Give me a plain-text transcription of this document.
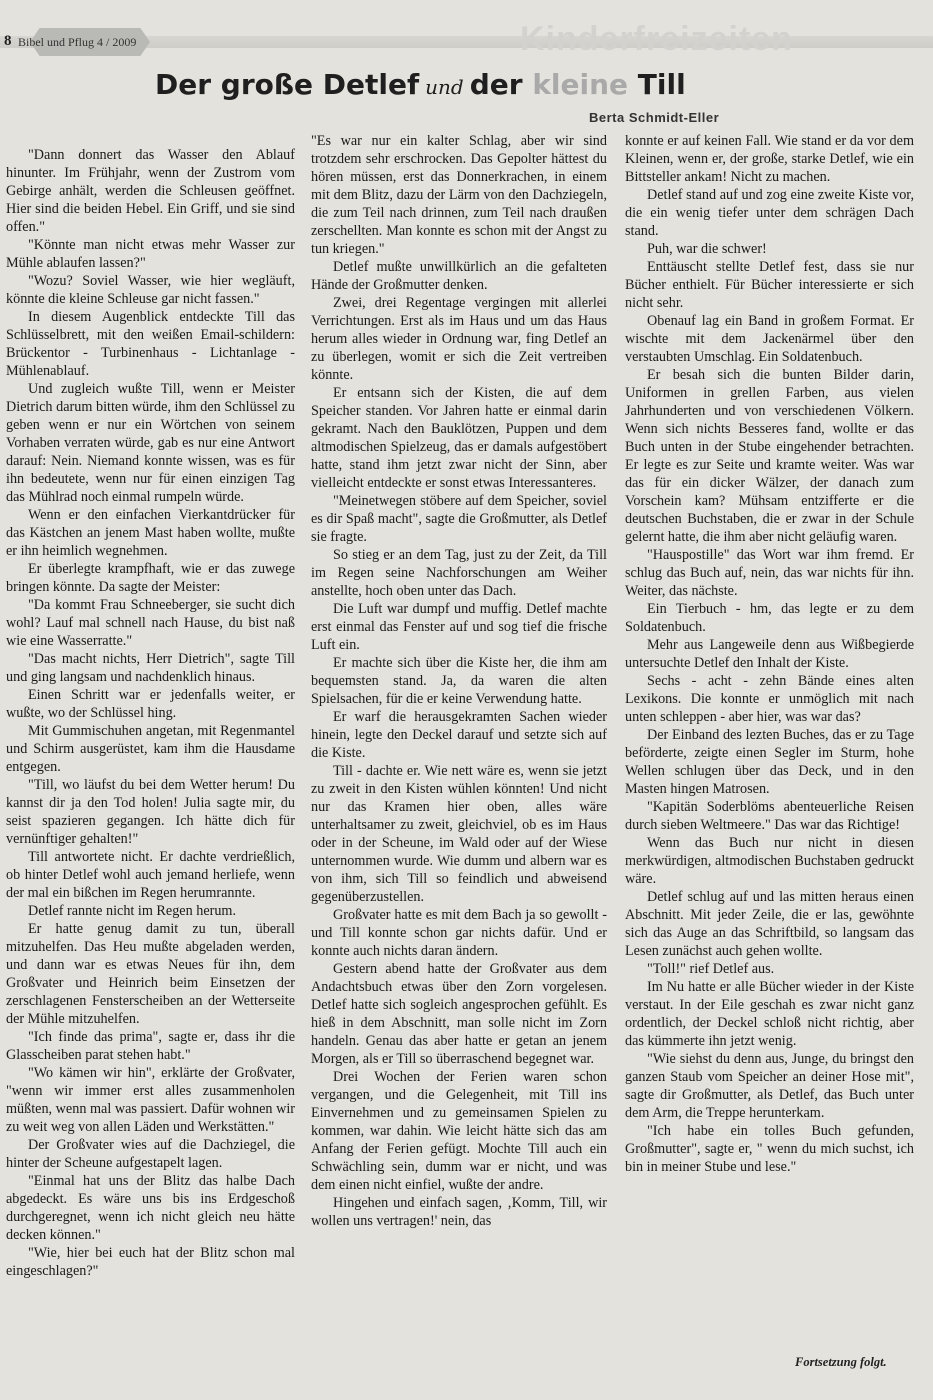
Kinderfreizeiten
8 Bibel und Pflug 4 / 2009
Der große Detlef und der kleine Till
Berta Schmidt-Eller

"Dann donnert das Wasser den Ablauf hinunter. Im Frühjahr, wenn der Zustrom vom Gebirge anhält, werden die Schleusen geöffnet. Hier sind die beiden Hebel. Ein Griff, und sie sind offen."

"Könnte man nicht etwas mehr Wasser zur Mühle ablaufen lassen?"

"Wozu? Soviel Wasser, wie hier wegläuft, könnte die kleine Schleuse gar nicht fassen."

In diesem Augenblick entdeckte Till das Schlüsselbrett, mit den weißen Email-schildern: Brückentor - Turbinenhaus - Lichtanlage - Mühlenablauf.

Und zugleich wußte Till, wenn er Meister Dietrich darum bitten würde, ihm den Schlüssel zu geben wenn er nur ein Wörtchen von seinem Vorhaben verraten würde, gab es nur eine Antwort darauf: Nein. Niemand konnte wissen, was es für ihn bedeutete, wenn nur für einen einzigen Tag das Mühlrad noch einmal rumpeln würde.

Wenn er den einfachen Vierkantdrücker für das Kästchen an jenem Mast haben wollte, mußte er ihn heimlich wegnehmen.

Er überlegte krampfhaft, wie er das zuwege bringen könnte. Da sagte der Meister:

"Da kommt Frau Schneeberger, sie sucht dich wohl? Lauf mal schnell nach Hause, du bist naß wie eine Wasserratte."

"Das macht nichts, Herr Dietrich", sagte Till und ging langsam und nachdenklich hinaus.

Einen Schritt war er jedenfalls weiter, er wußte, wo der Schlüssel hing.

Mit Gummischuhen angetan, mit Regenmantel und Schirm ausgerüstet, kam ihm die Hausdame entgegen.

"Till, wo läufst du bei dem Wetter herum! Du kannst dir ja den Tod holen! Julia sagte mir, du seist spazieren gegangen. Ich hätte dich für vernünftiger gehalten!"

Till antwortete nicht. Er dachte verdrießlich, ob hinter Detlef wohl auch jemand herliefe, wenn der mal ein bißchen im Regen herumrannte.

Detlef rannte nicht im Regen herum.

Er hatte genug damit zu tun, überall mitzuhelfen. Das Heu mußte abgeladen werden, und dann war es etwas Neues für ihn, dem Großvater und Heinrich beim Einsetzen der zerschlagenen Fensterscheiben an der Wetterseite der Mühle mitzuhelfen.

"Ich finde das prima", sagte er, dass ihr die Glasscheiben parat stehen habt."

"Wo kämen wir hin", erklärte der Großvater, "wenn wir immer erst alles zusammenholen müßten, wenn mal was passiert. Dafür wohnen wir zu weit weg von allen Läden und Werkstätten."

Der Großvater wies auf die Dachziegel, die hinter der Scheune aufgestapelt lagen.

"Einmal hat uns der Blitz das halbe Dach abgedeckt. Es wäre uns bis ins Erdgeschoß durchgeregnet, wenn ich nicht gleich neu hätte decken können."

"Wie, hier bei euch hat der Blitz schon mal eingeschlagen?"

"Es war nur ein kalter Schlag, aber wir sind trotzdem sehr erschrocken. Das Gepolter hättest du hören müssen, erst das Donnerkrachen, in einem mit dem Blitz, dazu der Lärm von den Dachziegeln, die zum Teil nach drinnen, zum Teil nach draußen zerschellten. Man konnte es schon mit der Angst zu tun kriegen."

Detlef mußte unwillkürlich an die gefalteten Hände der Großmutter denken.

Zwei, drei Regentage vergingen mit allerlei Verrichtungen. Erst als im Haus und um das Haus herum alles wieder in Ordnung war, fing Detlef an zu überlegen, womit er sich die Zeit vertreiben könnte.

Er entsann sich der Kisten, die auf dem Speicher standen. Vor Jahren hatte er einmal darin gekramt. Nach den Bauklötzen, Puppen und dem altmodischen Spielzeug, das er damals aufgestöbert hatte, stand ihm jetzt zwar nicht der Sinn, aber vielleicht entdeckte er sonst etwas Interessanteres.

"Meinetwegen stöbere auf dem Speicher, soviel es dir Spaß macht", sagte die Großmutter, als Detlef sie fragte.

So stieg er an dem Tag, just zu der Zeit, da Till im Regen seine Nachforschungen am Weiher anstellte, hoch oben unter das Dach.

Die Luft war dumpf und muffig. Detlef machte erst einmal das Fenster auf und sog tief die frische Luft ein.

Er machte sich über die Kiste her, die ihm am bequemsten stand. Ja, da waren die alten Spielsachen, für die er keine Verwendung hatte.

Er warf die herausgekramten Sachen wieder hinein, legte den Deckel darauf und setzte sich auf die Kiste.

Till - dachte er. Wie nett wäre es, wenn sie jetzt zu zweit in den Kisten wühlen könnten! Und nicht nur das Kramen hier oben, alles wäre unterhaltsamer zu zweit, gleichviel, ob es im Haus oder in der Scheune, im Wald oder auf der Wiese unternommen wurde. Wie dumm und albern war es von ihm, sich Till so feindlich und abweisend gegenüberzustellen.

Großvater hatte es mit dem Bach ja so gewollt - und Till konnte schon gar nichts dafür. Und er konnte auch nichts daran ändern.

Gestern abend hatte der Großvater aus dem Andachtsbuch etwas über den Zorn vorgelesen. Detlef hatte sich sogleich angesprochen gefühlt. Es hieß in dem Abschnitt, man solle nicht im Zorn handeln. Genau das aber hatte er getan an jenem Morgen, als er Till so überraschend begegnet war.

Drei Wochen der Ferien waren schon vergangen, und die Gelegenheit, mit Till ins Einvernehmen und zu gemeinsamen Spielen zu kommen, war dahin. Wie leicht hätte sich das am Anfang der Ferien gefügt. Mochte Till auch ein Schwächling sein, dumm war er nicht, und was dem einen nicht einfiel, wußte der andre.

Hingehen und einfach sagen, ‚Komm, Till, wir wollen uns vertragen!' nein, das

konnte er auf keinen Fall. Wie stand er da vor dem Kleinen, wenn er, der große, starke Detlef, wie ein Bittsteller ankam! Nicht zu machen.

Detlef stand auf und zog eine zweite Kiste vor, die ein wenig tiefer unter dem schrägen Dach stand.

Puh, war die schwer!

Enttäuscht stellte Detlef fest, dass sie nur Bücher enthielt. Für Bücher interessierte er sich nicht sehr.

Obenauf lag ein Band in großem Format. Er wischte mit dem Jackenärmel über den verstaubten Umschlag. Ein Soldatenbuch.

Er besah sich die bunten Bilder darin, Uniformen in grellen Farben, aus vielen Jahrhunderten und von verschiedenen Völkern. Wenn sich nichts Besseres fand, wollte er das Buch unten in der Stube eingehender betrachten. Er legte es zur Seite und kramte weiter. Was war das für ein dicker Wälzer, der danach zum Vorschein kam? Mühsam entzifferte er die deutschen Buchstaben, die er zwar in der Schule gelernt hatte, die ihm aber nicht geläufig waren.

"Hauspostille" das Wort war ihm fremd. Er schlug das Buch auf, nein, das war nichts für ihn. Weiter, das nächste.

Ein Tierbuch - hm, das legte er zu dem Soldatenbuch.

Mehr aus Langeweile denn aus Wißbegierde untersuchte Detlef den Inhalt der Kiste.

Sechs - acht - zehn Bände eines alten Lexikons. Die konnte er unmöglich mit nach unten schleppen - aber hier, was war das?

Der Einband des lezten Buches, das er zu Tage beförderte, zeigte einen Segler im Sturm, hohe Wellen schlugen über das Deck, und in den Masten hingen Matrosen.

"Kapitän Soderblöms abenteuerliche Reisen durch sieben Weltmeere." Das war das Richtige!

Wenn das Buch nur nicht in diesen merkwürdigen, altmodischen Buchstaben gedruckt wäre.

Detlef schlug auf und las mitten heraus einen Abschnitt. Mit jeder Zeile, die er las, gewöhnte sich das Auge an das Schriftbild, so langsam das Lesen zunächst auch gehen wollte.

"Toll!" rief Detlef aus.

Im Nu hatte er alle Bücher wieder in der Kiste verstaut. In der Eile geschah es zwar nicht ganz ordentlich, der Deckel schloß nicht richtig, aber das kümmerte ihn jetzt wenig.

"Wie siehst du denn aus, Junge, du bringst den ganzen Staub vom Speicher an deiner Hose mit", sagte dir Großmutter, als Detlef, das Buch unter dem Arm, die Treppe herunterkam.

"Ich habe ein tolles Buch gefunden, Großmutter", sagte er, " wenn du mich suchst, ich bin in meiner Stube und lese."

Fortsetzung folgt.
